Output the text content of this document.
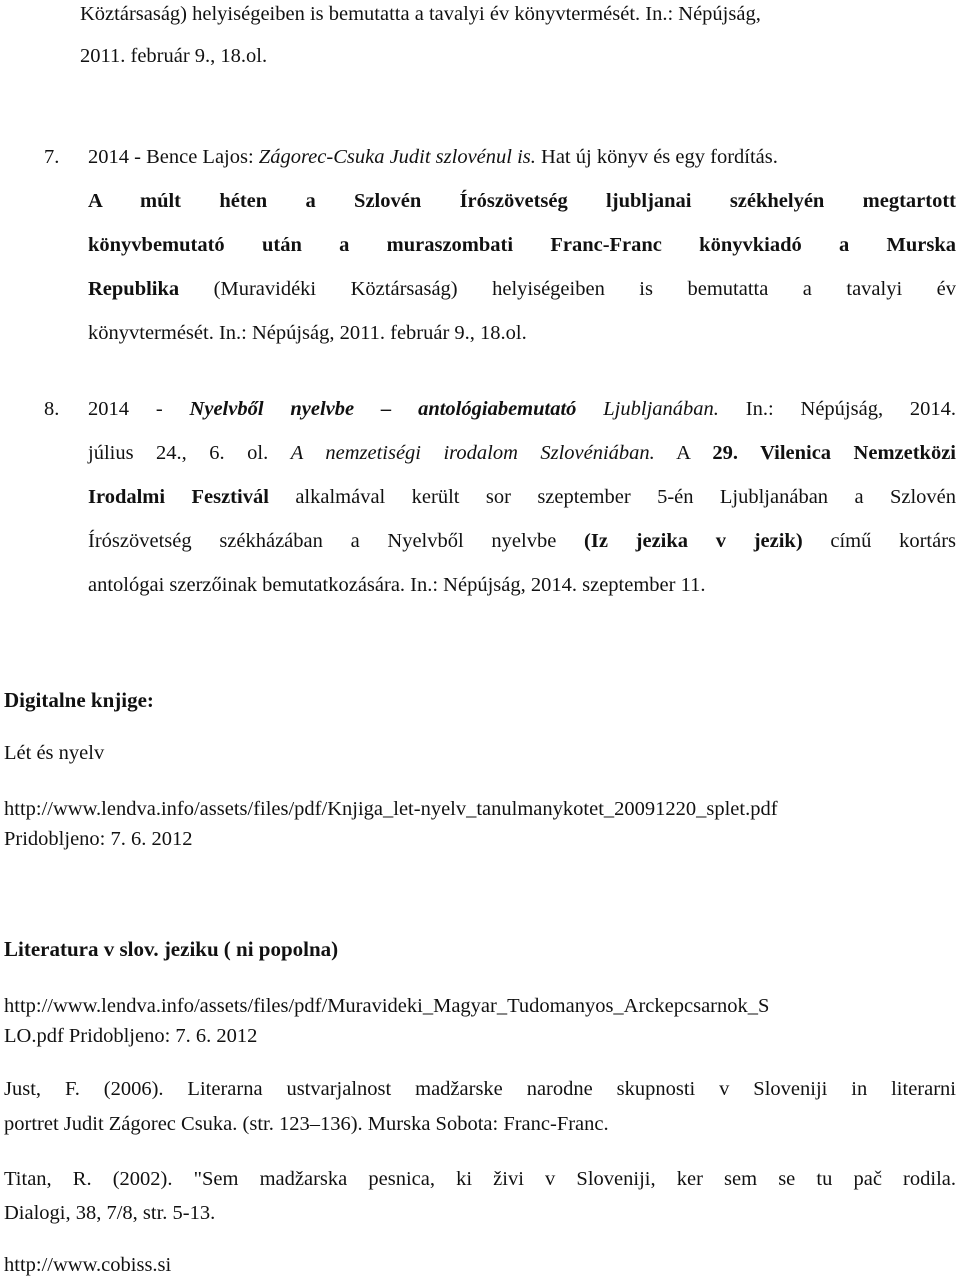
Köztársaság) helyiségeiben is bemutatta a tavalyi év könyvtermését. In.: Népújság,
2011. február 9., 18.ol.
7. 2014 - Bence Lajos: Zágorec-Csuka Judit szlovénul is. Hat új könyv és egy fordítás.
A múlt héten a Szlovén Írószövetség ljubljanai székhelyén megtartott
könyvbemutató után a muraszombati Franc-Franc könyvkiadó a Murska
Republika (Muravidéki Köztársaság) helyiségeiben is bemutatta a tavalyi év
könyvtermését. In.: Népújság, 2011. február 9., 18.ol.
8. 2014 - Nyelvből nyelvbe – antológiabemutató Ljubljanában. In.: Népújság, 2014.
július 24., 6. ol. A nemzetiségi irodalom Szlovéniában. A 29. Vilenica Nemzetközi
Irodalmi Fesztivál alkalmával került sor szeptember 5-én Ljubljanában a Szlovén
Írószövetség székházában a Nyelvből nyelvbe (Iz jezika v jezik) című kortárs
antológai szerzőinak bemutatkozására. In.: Népújság, 2014. szeptember 11.
Digitalne knjige:
Lét és nyelv
http://www.lendva.info/assets/files/pdf/Knjiga_let-nyelv_tanulmanykotet_20091220_splet.pdf
Pridobljeno: 7. 6. 2012
Literatura v slov. jeziku ( ni popolna)
http://www.lendva.info/assets/files/pdf/Muravideki_Magyar_Tudomanyos_Arckepcsarnok_S
LO.pdf Pridobljeno: 7. 6. 2012
Just, F. (2006). Literarna ustvarjalnost madžarske narodne skupnosti v Sloveniji in literarni
portret Judit Zágorec Csuka. (str. 123–136). Murska Sobota: Franc-Franc.
Titan, R. (2002). "Sem madžarska pesnica, ki živi v Sloveniji, ker sem se tu pač rodila.
Dialogi, 38, 7/8, str. 5-13.
http://www.cobiss.si
